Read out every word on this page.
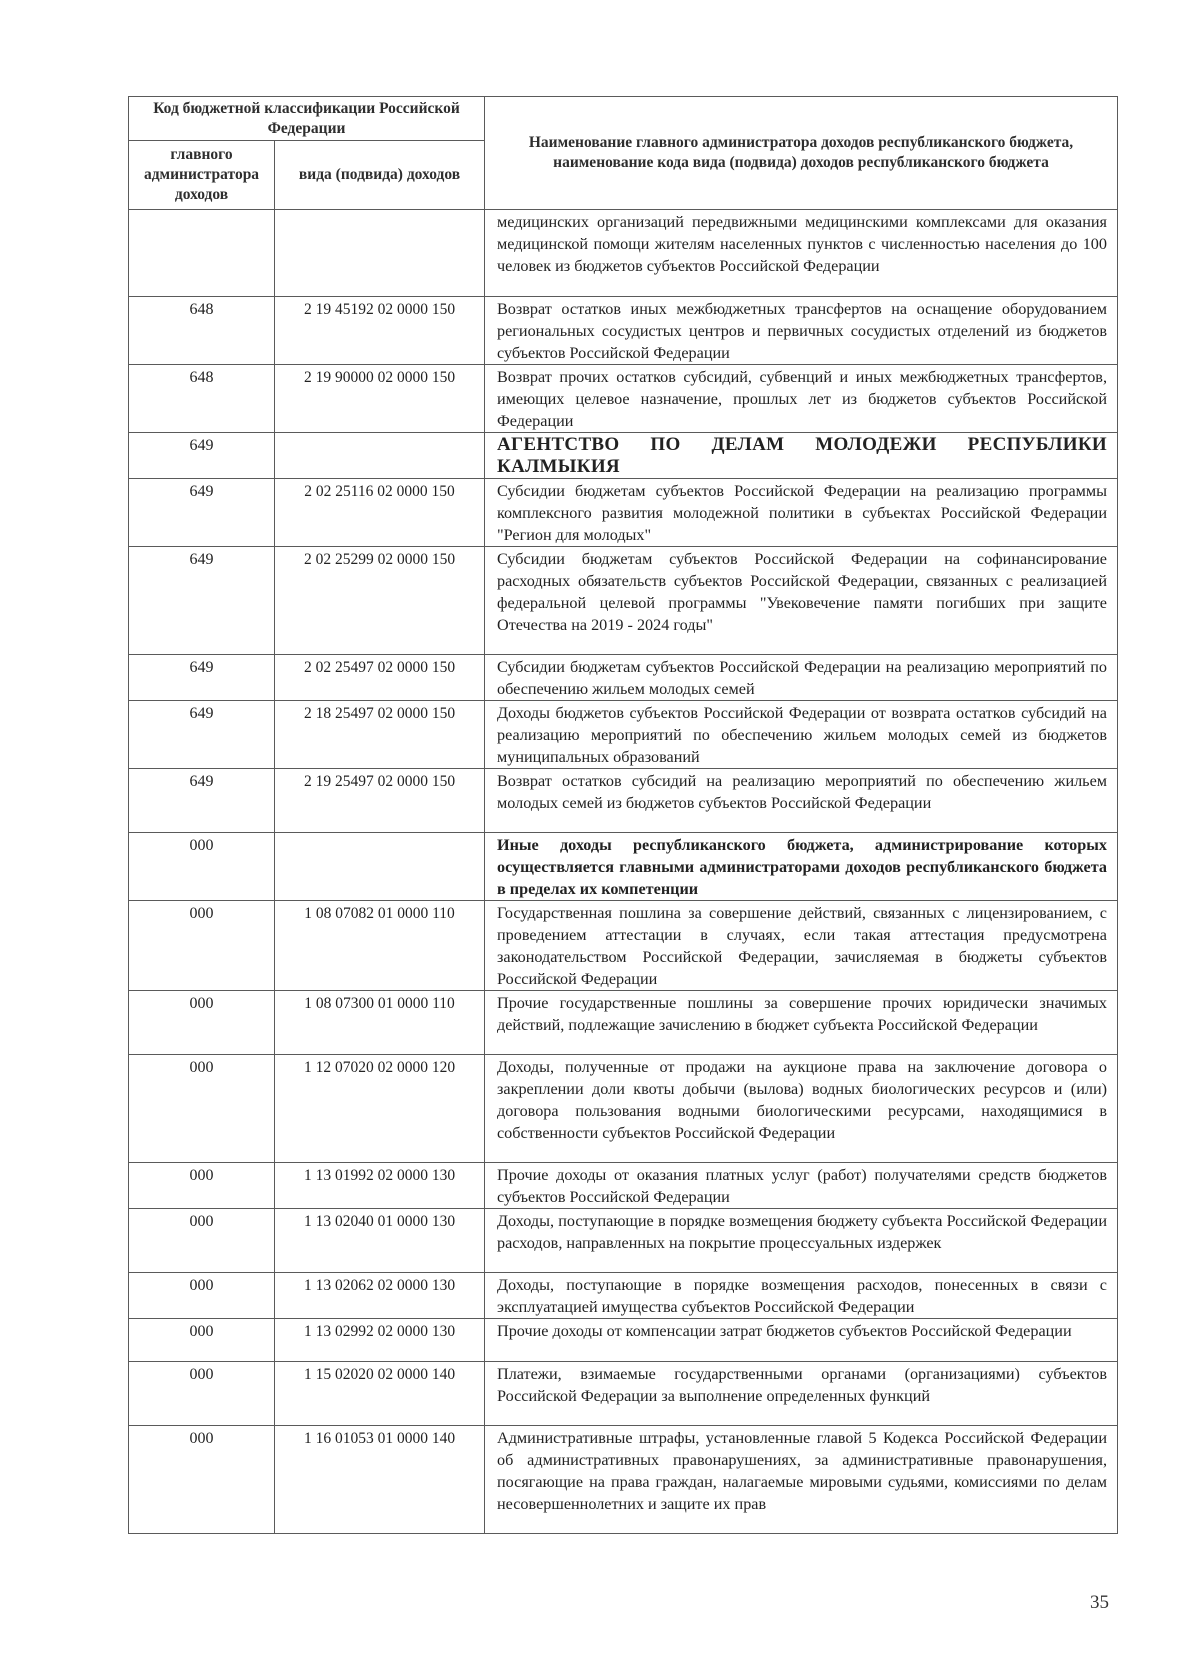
Код бюджетной классификации Российской Федерации		Наименование главного администратора доходов республиканского бюджета, наименование кода вида (подвида) доходов республиканского бюджета
главного администратора доходов	вида (подвида) доходов	
		медицинских организаций передвижными медицинскими комплексами для оказания медицинской помощи жителям населенных пунктов с численностью населения до 100 человек из бюджетов субъектов Российской Федерации
648	2 19 45192 02 0000 150	Возврат остатков иных межбюджетных трансфертов на оснащение оборудованием региональных сосудистых центров и первичных сосудистых отделений из бюджетов субъектов Российской Федерации
648	2 19 90000 02 0000 150	Возврат прочих остатков субсидий, субвенций и иных межбюджетных трансфертов, имеющих целевое назначение, прошлых лет из бюджетов субъектов Российской Федерации
649		АГЕНТСТВО ПО ДЕЛАМ МОЛОДЕЖИ РЕСПУБЛИКИ КАЛМЫКИЯ
649	2 02 25116 02 0000 150	Субсидии бюджетам субъектов Российской Федерации на реализацию программы комплексного развития молодежной политики в субъектах Российской Федерации "Регион для молодых"
649	2 02 25299 02 0000 150	Субсидии бюджетам субъектов Российской Федерации на софинансирование расходных обязательств субъектов Российской Федерации, связанных с реализацией федеральной целевой программы "Увековечение памяти погибших при защите Отечества на 2019 - 2024 годы"
649	2 02 25497 02 0000 150	Субсидии бюджетам субъектов Российской Федерации на реализацию мероприятий по обеспечению жильем молодых семей
649	2 18 25497 02 0000 150	Доходы бюджетов субъектов Российской Федерации от возврата остатков субсидий на реализацию мероприятий по обеспечению жильем молодых семей из бюджетов муниципальных образований
649	2 19 25497 02 0000 150	Возврат остатков субсидий на реализацию мероприятий по обеспечению жильем молодых семей из бюджетов субъектов Российской Федерации
000		Иные доходы республиканского бюджета, администрирование которых осуществляется главными администраторами доходов республиканского бюджета в пределах их компетенции
000	1 08 07082 01 0000 110	Государственная пошлина за совершение действий, связанных с лицензированием, с проведением аттестации в случаях, если такая аттестация предусмотрена законодательством Российской Федерации, зачисляемая в бюджеты субъектов Российской Федерации
000	1 08 07300 01 0000 110	Прочие государственные пошлины за совершение прочих юридически значимых действий, подлежащие зачислению в бюджет субъекта Российской Федерации
000	1 12 07020 02 0000 120	Доходы, полученные от продажи на аукционе права на заключение договора о закреплении доли квоты добычи (вылова) водных биологических ресурсов и (или) договора пользования водными биологическими ресурсами, находящимися в собственности субъектов Российской Федерации
000	1 13 01992 02 0000 130	Прочие доходы от оказания платных услуг (работ) получателями средств бюджетов субъектов Российской Федерации
000	1 13 02040 01 0000 130	Доходы, поступающие в порядке возмещения бюджету субъекта Российской Федерации расходов, направленных на покрытие процессуальных издержек
000	1 13 02062 02 0000 130	Доходы, поступающие в порядке возмещения расходов, понесенных в связи с эксплуатацией имущества субъектов Российской Федерации
000	1 13 02992 02 0000 130	Прочие доходы от компенсации затрат бюджетов субъектов Российской Федерации
000	1 15 02020 02 0000 140	Платежи, взимаемые государственными органами (организациями) субъектов Российской Федерации за выполнение определенных функций
000	1 16 01053 01 0000 140	Административные штрафы, установленные главой 5 Кодекса Российской Федерации об административных правонарушениях, за административные правонарушения, посягающие на права граждан, налагаемые мировыми судьями, комиссиями по делам несовершеннолетних и защите их прав
35
